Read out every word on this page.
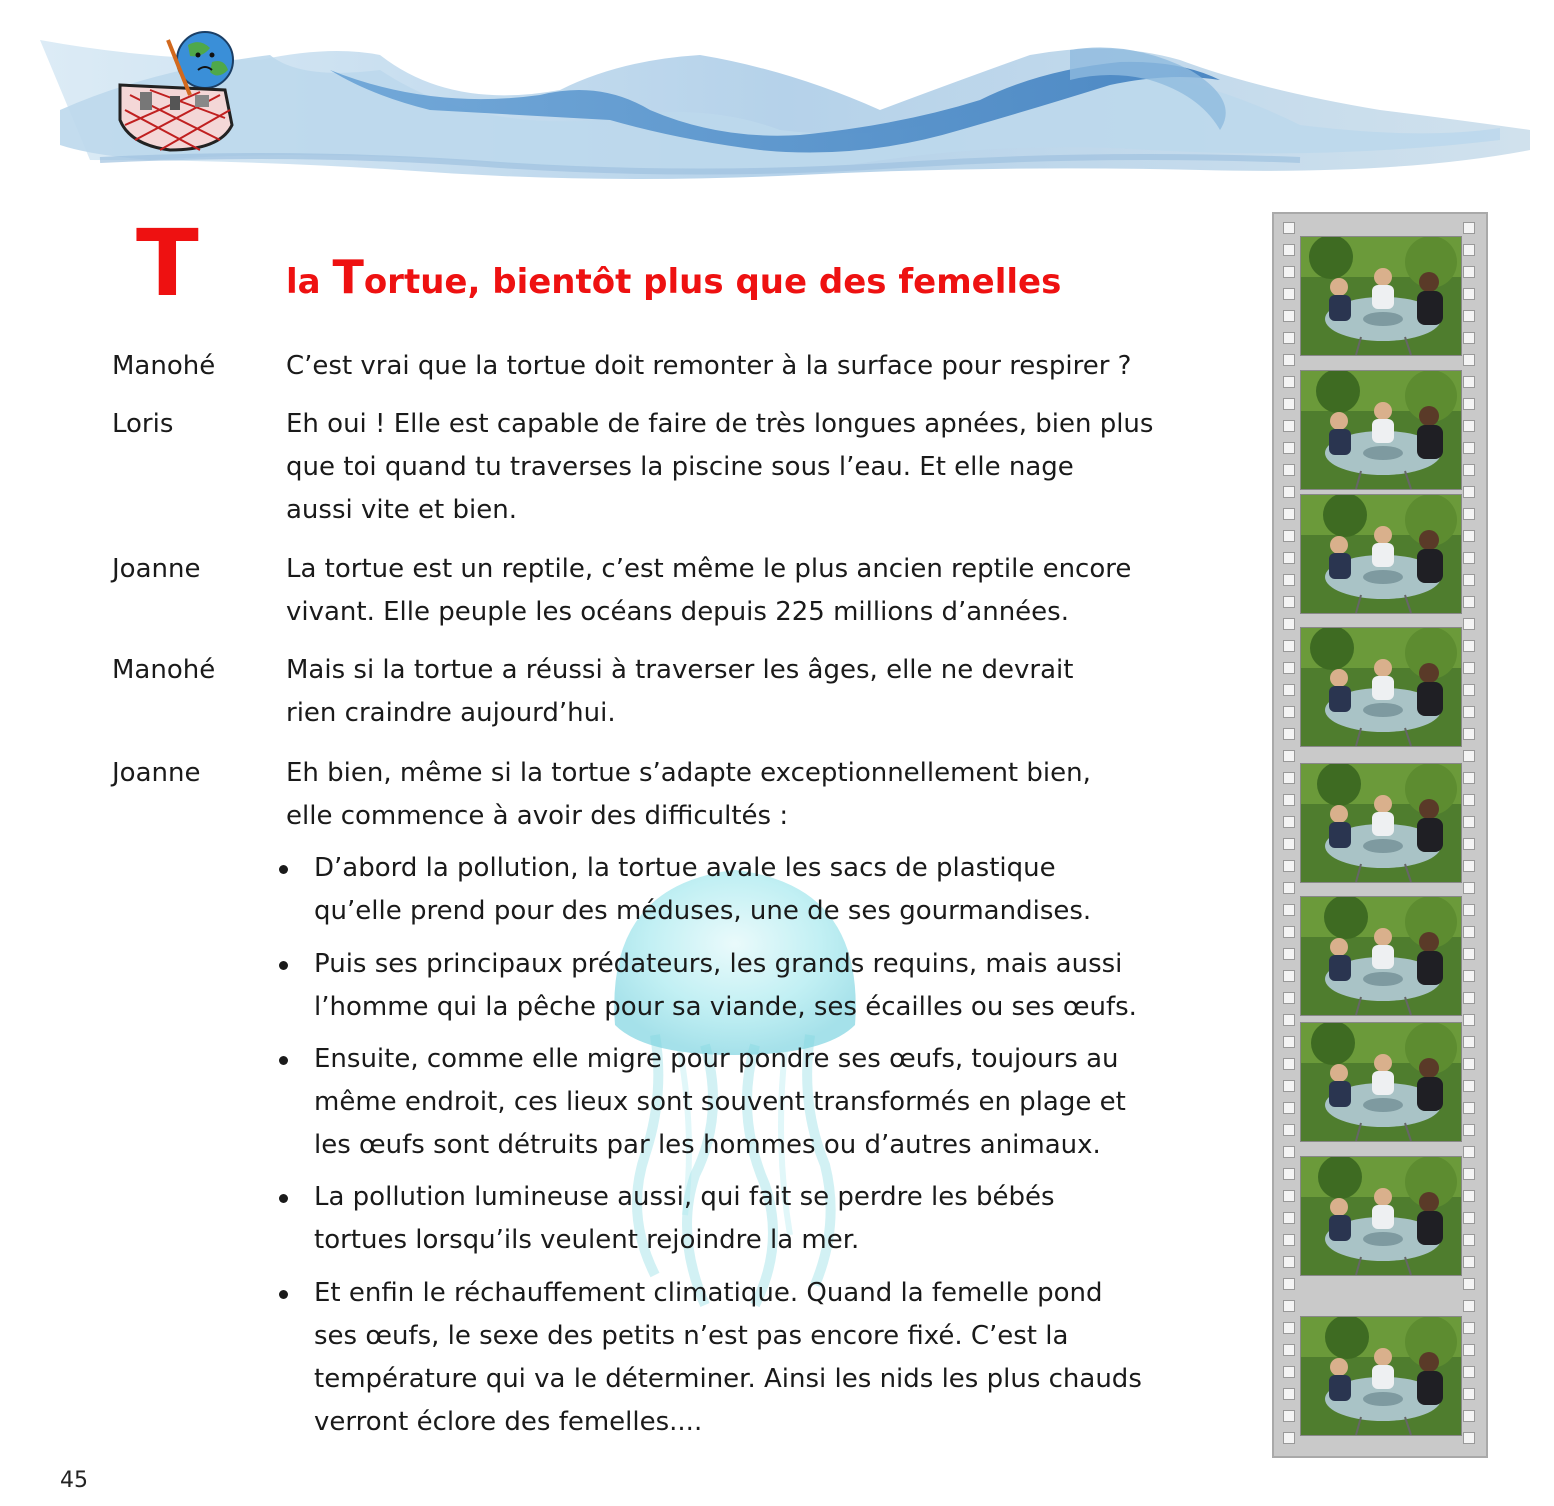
T	la Tortue, bientôt plus que des femelles
Manohé	C’est vrai que la tortue doit remonter à la surface pour respirer ?
Loris	Eh oui ! Elle est capable de faire de très longues apnées, bien plus
que toi quand tu traverses la piscine sous l’eau. Et elle nage
aussi vite et bien.
Joanne	La tortue est un reptile, c’est même le plus ancien reptile encore
vivant. Elle peuple les océans depuis 225 millions d’années.
Manohé	Mais si la tortue a réussi à traverser les âges, elle ne devrait
rien craindre aujourd’hui.
Joanne	Eh bien, même si la tortue s’adapte exceptionnellement bien,
elle commence à avoir des difficultés :
D’abord la pollution, la tortue avale les sacs de plastique
qu’elle prend pour des méduses, une de ses gourmandises.
Puis ses principaux prédateurs, les grands requins, mais aussi
l’homme qui la pêche pour sa viande, ses écailles ou ses œufs.
Ensuite, comme elle migre pour pondre ses œufs, toujours au
même endroit, ces lieux sont souvent transformés en plage et
les œufs sont détruits par les hommes ou d’autres animaux.
La pollution lumineuse aussi, qui fait se perdre les bébés
tortues lorsqu’ils veulent rejoindre la mer.
Et enfin le réchauffement climatique. Quand la femelle pond
ses œufs, le sexe des petits n’est pas encore fixé. C’est la
température qui va le déterminer. Ainsi les nids les plus chauds
verront éclore des femelles....
45
